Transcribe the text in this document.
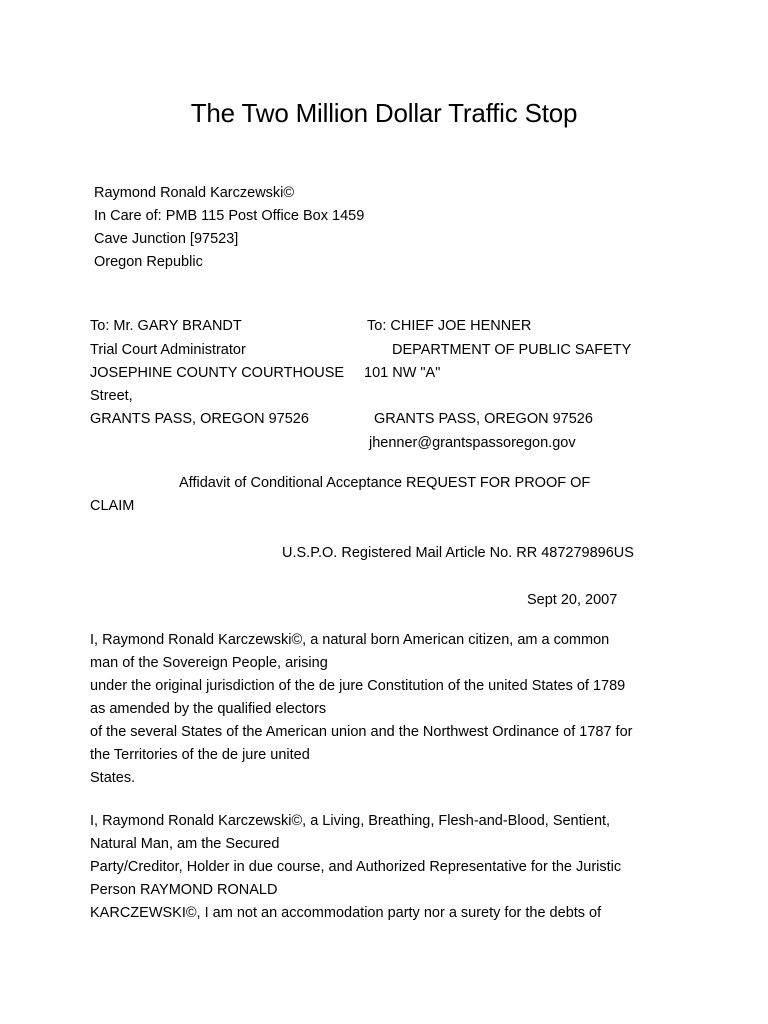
The Two Million Dollar Traffic Stop
Raymond Ronald Karczewski©
In Care of: PMB 115 Post Office Box 1459
Cave Junction [97523]
Oregon Republic
To: Mr. GARY BRANDT	To: CHIEF JOE HENNER
Trial Court Administrator	DEPARTMENT OF PUBLIC SAFETY
JOSEPHINE COUNTY COURTHOUSE 101 NW "A"
Street,
GRANTS PASS, OREGON 97526	GRANTS PASS, OREGON 97526
jhenner@grantspassoregon.gov
Affidavit of Conditional Acceptance REQUEST FOR PROOF OF
CLAIM
U.S.P.O. Registered Mail Article No. RR 487279896US
Sept 20, 2007
I, Raymond Ronald Karczewski©, a natural born American citizen, am a common
man of the Sovereign People, arising
under the original jurisdiction of the de jure Constitution of the united States of 1789
as amended by the qualified electors
of the several States of the American union and the Northwest Ordinance of 1787 for
the Territories of the de jure united
States.
I, Raymond Ronald Karczewski©, a Living, Breathing, Flesh-and-Blood, Sentient,
Natural Man, am the Secured
Party/Creditor, Holder in due course, and Authorized Representative for the Juristic
Person RAYMOND RONALD
KARCZEWSKI©, I am not an accommodation party nor a surety for the debts of
